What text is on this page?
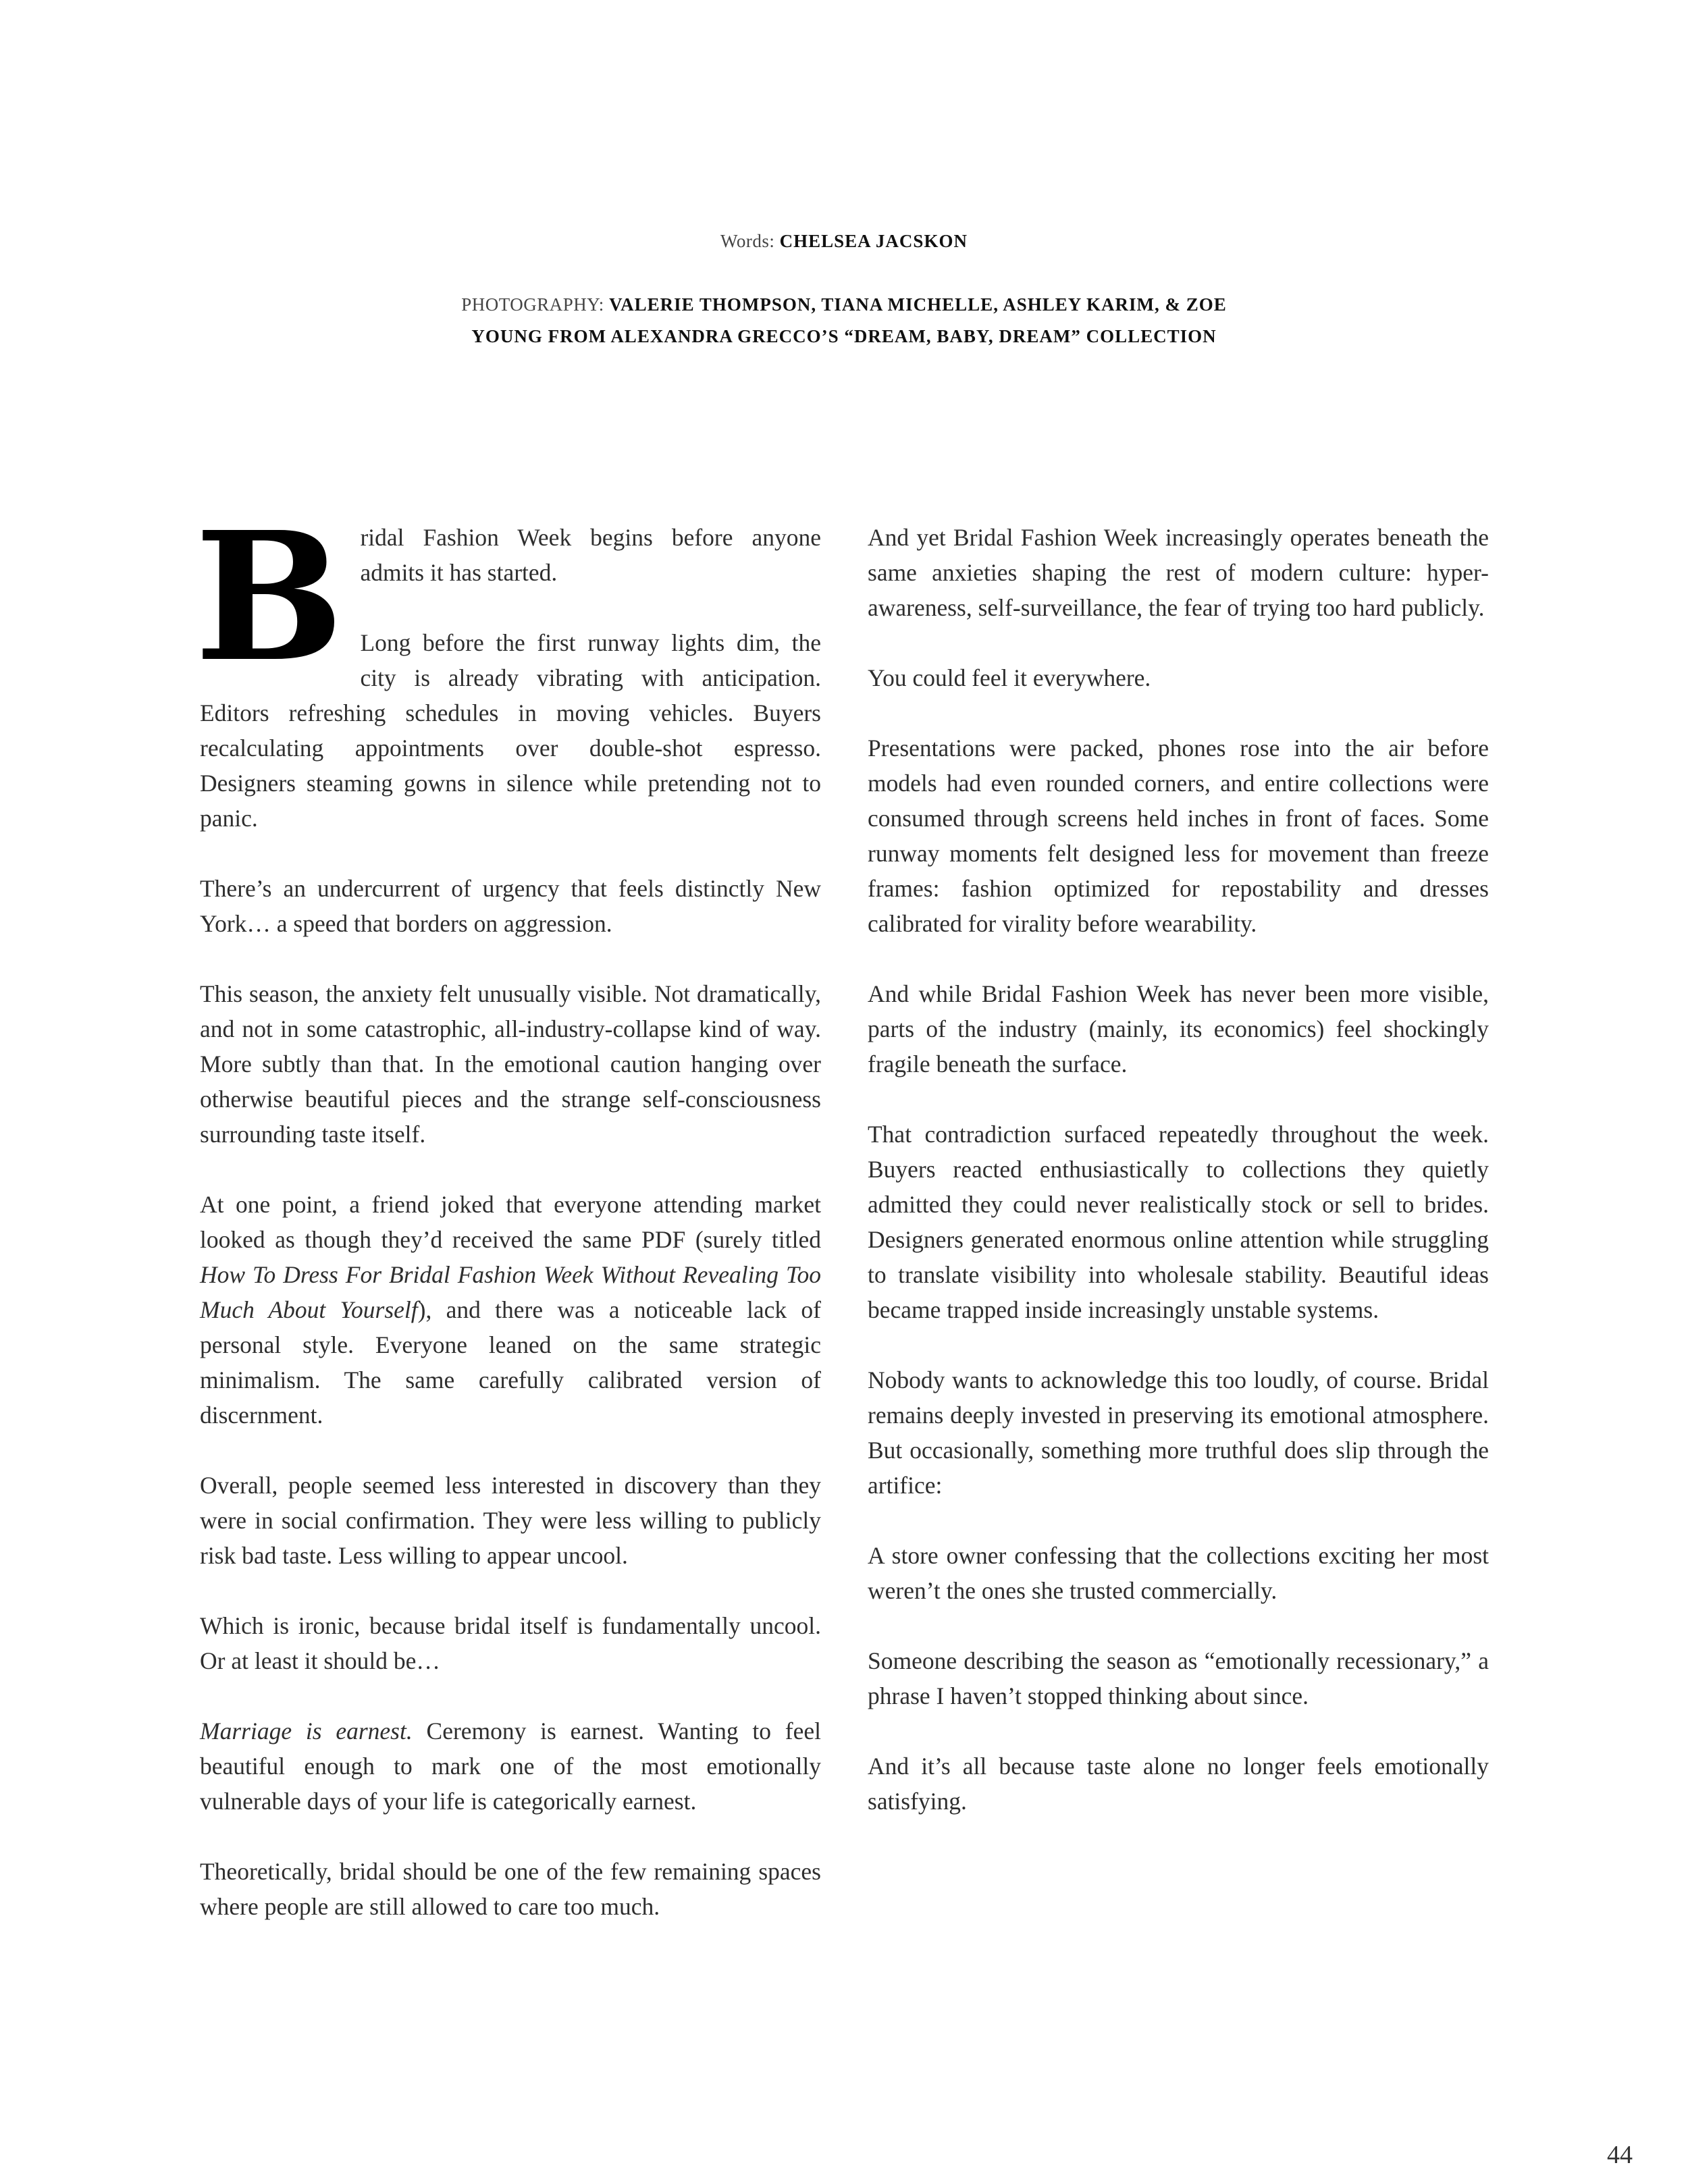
Words: CHELSEA JACSKON
PHOTOGRAPHY: VALERIE THOMPSON, TIANA MICHELLE, ASHLEY KARIM, & ZOE
YOUNG FROM ALEXANDRA GRECCO’S “DREAM, BABY, DREAM” COLLECTION

Bridal Fashion Week begins before anyone admits it has started.

Long before the first runway lights dim, the city is already vibrating with anticipation. Editors refreshing schedules in moving vehicles. Buyers recalculating appointments over double-shot espresso. Designers steaming gowns in silence while pretending not to panic.

There’s an undercurrent of urgency that feels distinctly New York… a speed that borders on aggression.

This season, the anxiety felt unusually visible. Not dramatically, and not in some catastrophic, all-industry-collapse kind of way. More subtly than that. In the emotional caution hanging over otherwise beautiful pieces and the strange self-consciousness surrounding taste itself.

At one point, a friend joked that everyone attending market looked as though they’d received the same PDF (surely titled How To Dress For Bridal Fashion Week Without Revealing Too Much About Yourself), and there was a noticeable lack of personal style. Everyone leaned on the same strategic minimalism. The same carefully calibrated version of discernment.

Overall, people seemed less interested in discovery than they were in social confirmation. They were less willing to publicly risk bad taste. Less willing to appear uncool.

Which is ironic, because bridal itself is fundamentally uncool. Or at least it should be…

Marriage is earnest. Ceremony is earnest. Wanting to feel beautiful enough to mark one of the most emotionally vulnerable days of your life is categorically earnest.

Theoretically, bridal should be one of the few remaining spaces where people are still allowed to care too much.

And yet Bridal Fashion Week increasingly operates beneath the same anxieties shaping the rest of modern culture: hyper-awareness, self-surveillance, the fear of trying too hard publicly.

You could feel it everywhere.

Presentations were packed, phones rose into the air before models had even rounded corners, and entire collections were consumed through screens held inches in front of faces. Some runway moments felt designed less for movement than freeze frames: fashion optimized for repostability and dresses calibrated for virality before wearability.

And while Bridal Fashion Week has never been more visible, parts of the industry (mainly, its economics) feel shockingly fragile beneath the surface.

That contradiction surfaced repeatedly throughout the week. Buyers reacted enthusiastically to collections they quietly admitted they could never realistically stock or sell to brides. Designers generated enormous online attention while struggling to translate visibility into wholesale stability. Beautiful ideas became trapped inside increasingly unstable systems.

Nobody wants to acknowledge this too loudly, of course. Bridal remains deeply invested in preserving its emotional atmosphere. But occasionally, something more truthful does slip through the artifice:

A store owner confessing that the collections exciting her most weren’t the ones she trusted commercially.

Someone describing the season as “emotionally recessionary,” a phrase I haven’t stopped thinking about since.

And it’s all because taste alone no longer feels emotionally satisfying.

44
